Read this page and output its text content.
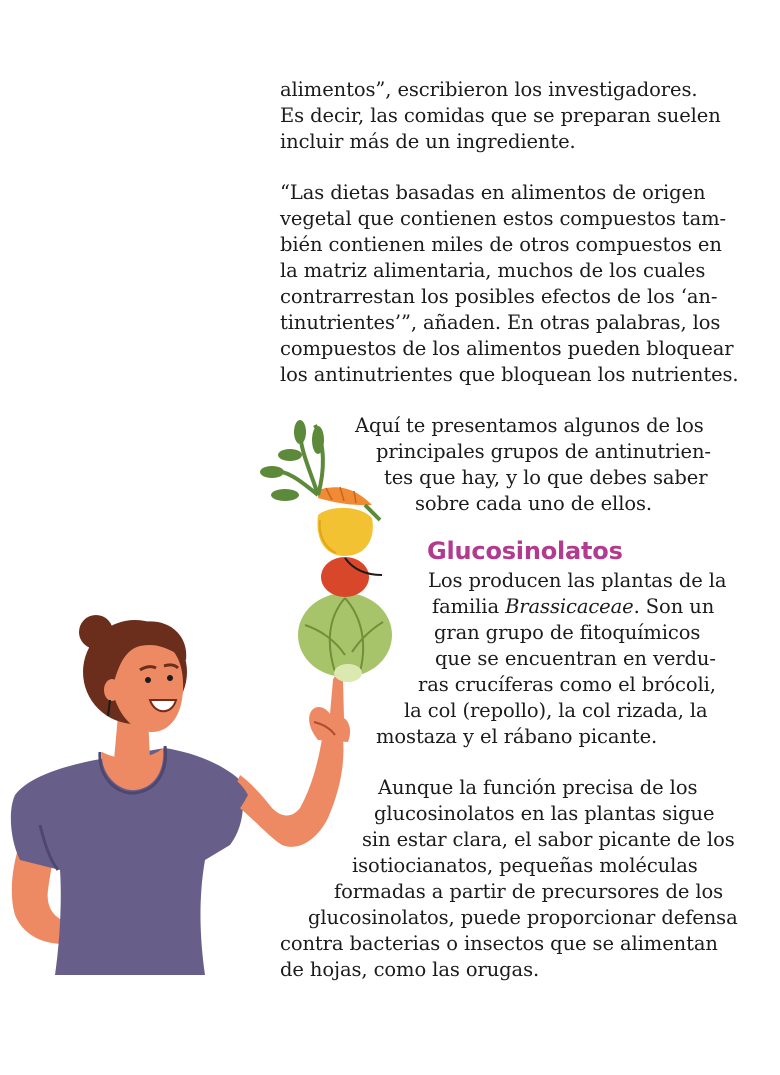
alimentos”, escribieron los investigadores.
Es decir, las comidas que se preparan suelen
incluir más de un ingrediente.
“Las dietas basadas en alimentos de origen
vegetal que contienen estos compuestos tam-
bién contienen miles de otros compuestos en
la matriz alimentaria, muchos de los cuales
contrarrestan los posibles efectos de los ‘an-
tinutrientes’”, añaden. En otras palabras, los
compuestos de los alimentos pueden bloquear
los antinutrientes que bloquean los nutrientes.
Aquí te presentamos algunos de los
principales grupos de antinutrien-
tes que hay, y lo que debes saber
sobre cada uno de ellos.
Glucosinolatos
Los producen las plantas de la
familia Brassicaceae. Son un
gran grupo de fitoquímicos
que se encuentran en verdu-
ras crucíferas como el brócoli,
la col (repollo), la col rizada, la
mostaza y el rábano picante.
Aunque la función precisa de los
glucosinolatos en las plantas sigue
sin estar clara, el sabor picante de los
isotiocianatos, pequeñas moléculas
formadas a partir de precursores de los
glucosinolatos, puede proporcionar defensa
contra bacterias o insectos que se alimentan
de hojas, como las orugas.
